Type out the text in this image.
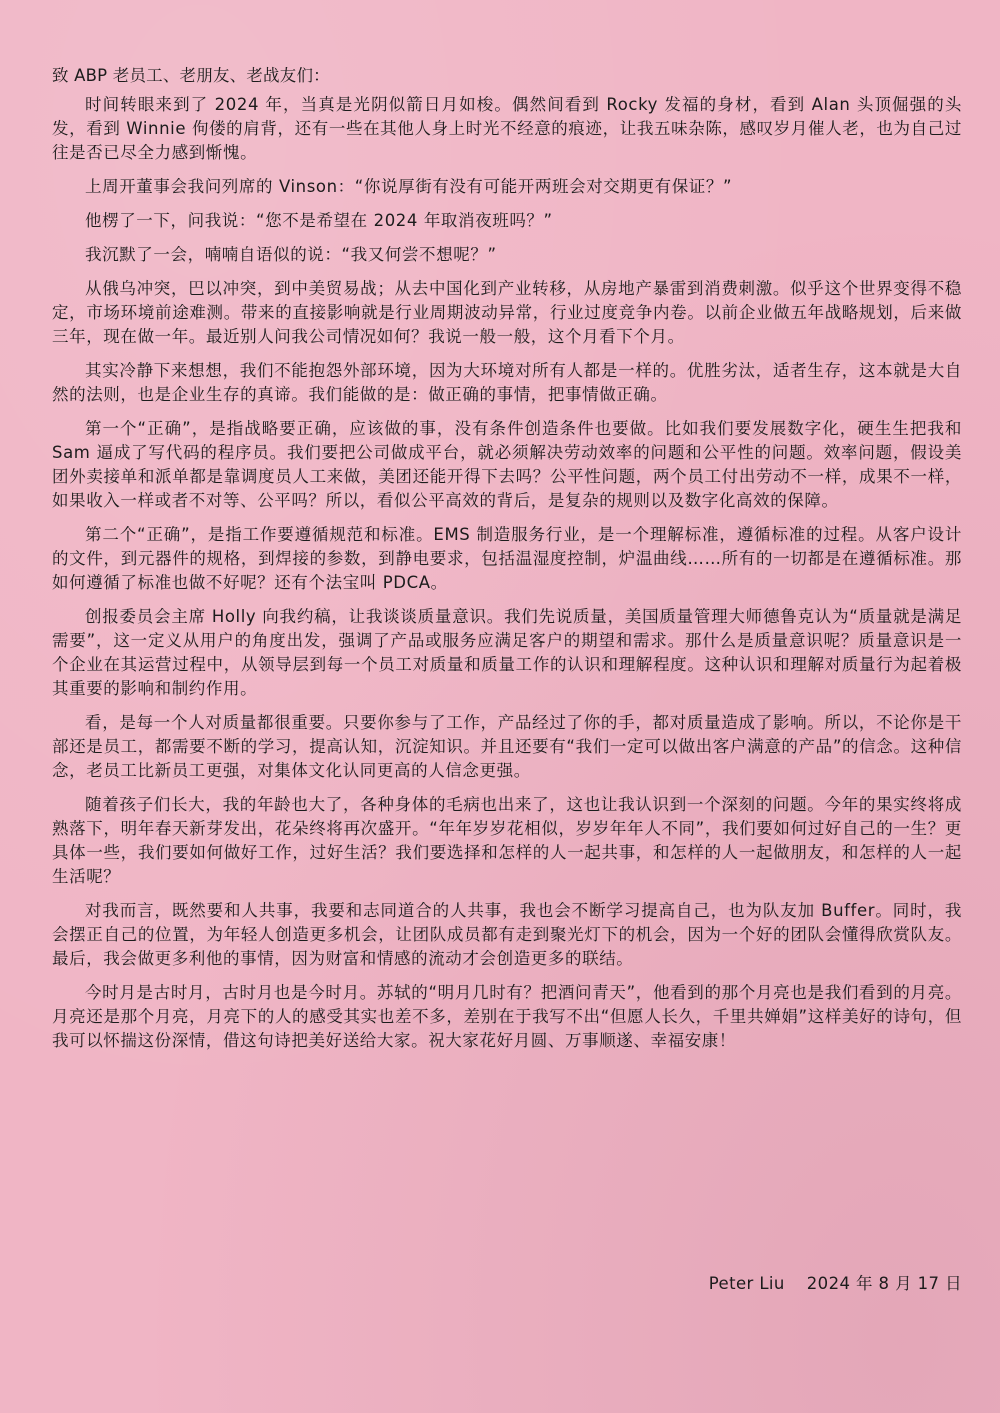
致 ABP 老员工、老朋友、老战友们：

时间转眼来到了 2024 年，当真是光阴似箭日月如梭。偶然间看到 Rocky 发福的身材，看到 Alan 头顶倔强的头发，看到 Winnie 佝偻的肩背，还有一些在其他人身上时光不经意的痕迹，让我五味杂陈，感叹岁月催人老，也为自己过往是否已尽全力感到惭愧。

上周开董事会我问列席的 Vinson：“你说厚街有没有可能开两班会对交期更有保证？”

他楞了一下，问我说：“您不是希望在 2024 年取消夜班吗？”

我沉默了一会，喃喃自语似的说：“我又何尝不想呢？”

从俄乌冲突，巴以冲突，到中美贸易战；从去中国化到产业转移，从房地产暴雷到消费刺激。似乎这个世界变得不稳定，市场环境前途难测。带来的直接影响就是行业周期波动异常，行业过度竞争内卷。以前企业做五年战略规划，后来做三年，现在做一年。最近别人问我公司情况如何？我说一般一般，这个月看下个月。

其实冷静下来想想，我们不能抱怨外部环境，因为大环境对所有人都是一样的。优胜劣汰，适者生存，这本就是大自然的法则，也是企业生存的真谛。我们能做的是：做正确的事情，把事情做正确。

第一个“正确”，是指战略要正确，应该做的事，没有条件创造条件也要做。比如我们要发展数字化，硬生生把我和 Sam 逼成了写代码的程序员。我们要把公司做成平台，就必须解决劳动效率的问题和公平性的问题。效率问题，假设美团外卖接单和派单都是靠调度员人工来做，美团还能开得下去吗？公平性问题，两个员工付出劳动不一样，成果不一样，如果收入一样或者不对等、公平吗？所以，看似公平高效的背后，是复杂的规则以及数字化高效的保障。

第二个“正确”，是指工作要遵循规范和标准。EMS 制造服务行业，是一个理解标准，遵循标准的过程。从客户设计的文件，到元器件的规格，到焊接的参数，到静电要求，包括温湿度控制，炉温曲线……所有的一切都是在遵循标准。那如何遵循了标准也做不好呢？还有个法宝叫 PDCA。

创报委员会主席 Holly 向我约稿，让我谈谈质量意识。我们先说质量，美国质量管理大师德鲁克认为“质量就是满足需要”，这一定义从用户的角度出发，强调了产品或服务应满足客户的期望和需求。那什么是质量意识呢？质量意识是一个企业在其运营过程中，从领导层到每一个员工对质量和质量工作的认识和理解程度。这种认识和理解对质量行为起着极其重要的影响和制约作用。

看，是每一个人对质量都很重要。只要你参与了工作，产品经过了你的手，都对质量造成了影响。所以，不论你是干部还是员工，都需要不断的学习，提高认知，沉淀知识。并且还要有“我们一定可以做出客户满意的产品”的信念。这种信念，老员工比新员工更强，对集体文化认同更高的人信念更强。

随着孩子们长大，我的年龄也大了，各种身体的毛病也出来了，这也让我认识到一个深刻的问题。今年的果实终将成熟落下，明年春天新芽发出，花朵终将再次盛开。“年年岁岁花相似，岁岁年年人不同”，我们要如何过好自己的一生？更具体一些，我们要如何做好工作，过好生活？我们要选择和怎样的人一起共事，和怎样的人一起做朋友，和怎样的人一起生活呢？

对我而言，既然要和人共事，我要和志同道合的人共事，我也会不断学习提高自己，也为队友加 Buffer。同时，我会摆正自己的位置，为年轻人创造更多机会，让团队成员都有走到聚光灯下的机会，因为一个好的团队会懂得欣赏队友。最后，我会做更多利他的事情，因为财富和情感的流动才会创造更多的联结。

今时月是古时月，古时月也是今时月。苏轼的“明月几时有？把酒问青天”，他看到的那个月亮也是我们看到的月亮。月亮还是那个月亮，月亮下的人的感受其实也差不多，差别在于我写不出“但愿人长久，千里共婵娟”这样美好的诗句，但我可以怀揣这份深情，借这句诗把美好送给大家。祝大家花好月圆、万事顺遂、幸福安康！

Peter Liu 2024 年 8 月 17 日
